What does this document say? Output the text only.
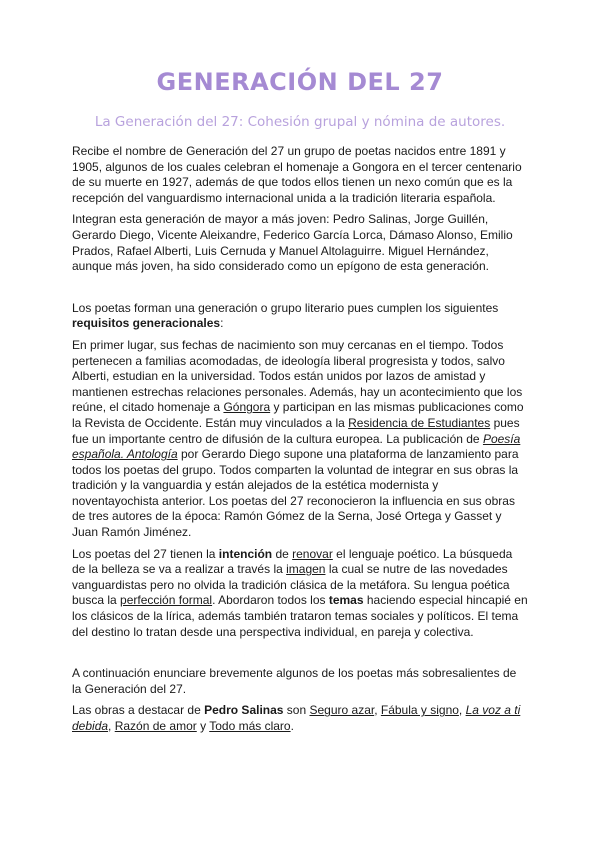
GENERACIÓN DEL 27
La Generación del 27: Cohesión grupal y nómina de autores.

Recibe el nombre de Generación del 27 un grupo de poetas nacidos entre 1891 y 1905, algunos de los cuales celebran el homenaje a Gongora en el tercer centenario de su muerte en 1927, además de que todos ellos tienen un nexo común que es la recepción del vanguardismo internacional unida a la tradición literaria española.

Integran esta generación de mayor a más joven: Pedro Salinas, Jorge Guillén, Gerardo Diego, Vicente Aleixandre, Federico García Lorca, Dámaso Alonso, Emilio Prados, Rafael Alberti, Luis Cernuda y Manuel Altolaguirre. Miguel Hernández, aunque más joven, ha sido considerado como un epígono de esta generación.

Los poetas forman una generación o grupo literario pues cumplen los siguientes requisitos generacionales:

En primer lugar, sus fechas de nacimiento son muy cercanas en el tiempo. Todos pertenecen a familias acomodadas, de ideología liberal progresista y todos, salvo Alberti, estudian en la universidad. Todos están unidos por lazos de amistad y mantienen estrechas relaciones personales. Además, hay un acontecimiento que los reúne, el citado homenaje a Góngora y participan en las mismas publicaciones como la Revista de Occidente. Están muy vinculados a la Residencia de Estudiantes pues fue un importante centro de difusión de la cultura europea. La publicación de Poesía española. Antología por Gerardo Diego supone una plataforma de lanzamiento para todos los poetas del grupo. Todos comparten la voluntad de integrar en sus obras la tradición y la vanguardia y están alejados de la estética modernista y noventayochista anterior. Los poetas del 27 reconocieron la influencia en sus obras de tres autores de la época: Ramón Gómez de la Serna, José Ortega y Gasset y Juan Ramón Jiménez.

Los poetas del 27 tienen la intención de renovar el lenguaje poético. La búsqueda de la belleza se va a realizar a través la imagen la cual se nutre de las novedades vanguardistas pero no olvida la tradición clásica de la metáfora. Su lengua poética busca la perfección formal. Abordaron todos los temas haciendo especial hincapié en los clásicos de la lírica, además también trataron temas sociales y políticos. El tema del destino lo tratan desde una perspectiva individual, en pareja y colectiva.

A continuación enunciare brevemente algunos de los poetas más sobresalientes de la Generación del 27.

Las obras a destacar de Pedro Salinas son Seguro azar, Fábula y signo, La voz a ti debida, Razón de amor y Todo más claro.
